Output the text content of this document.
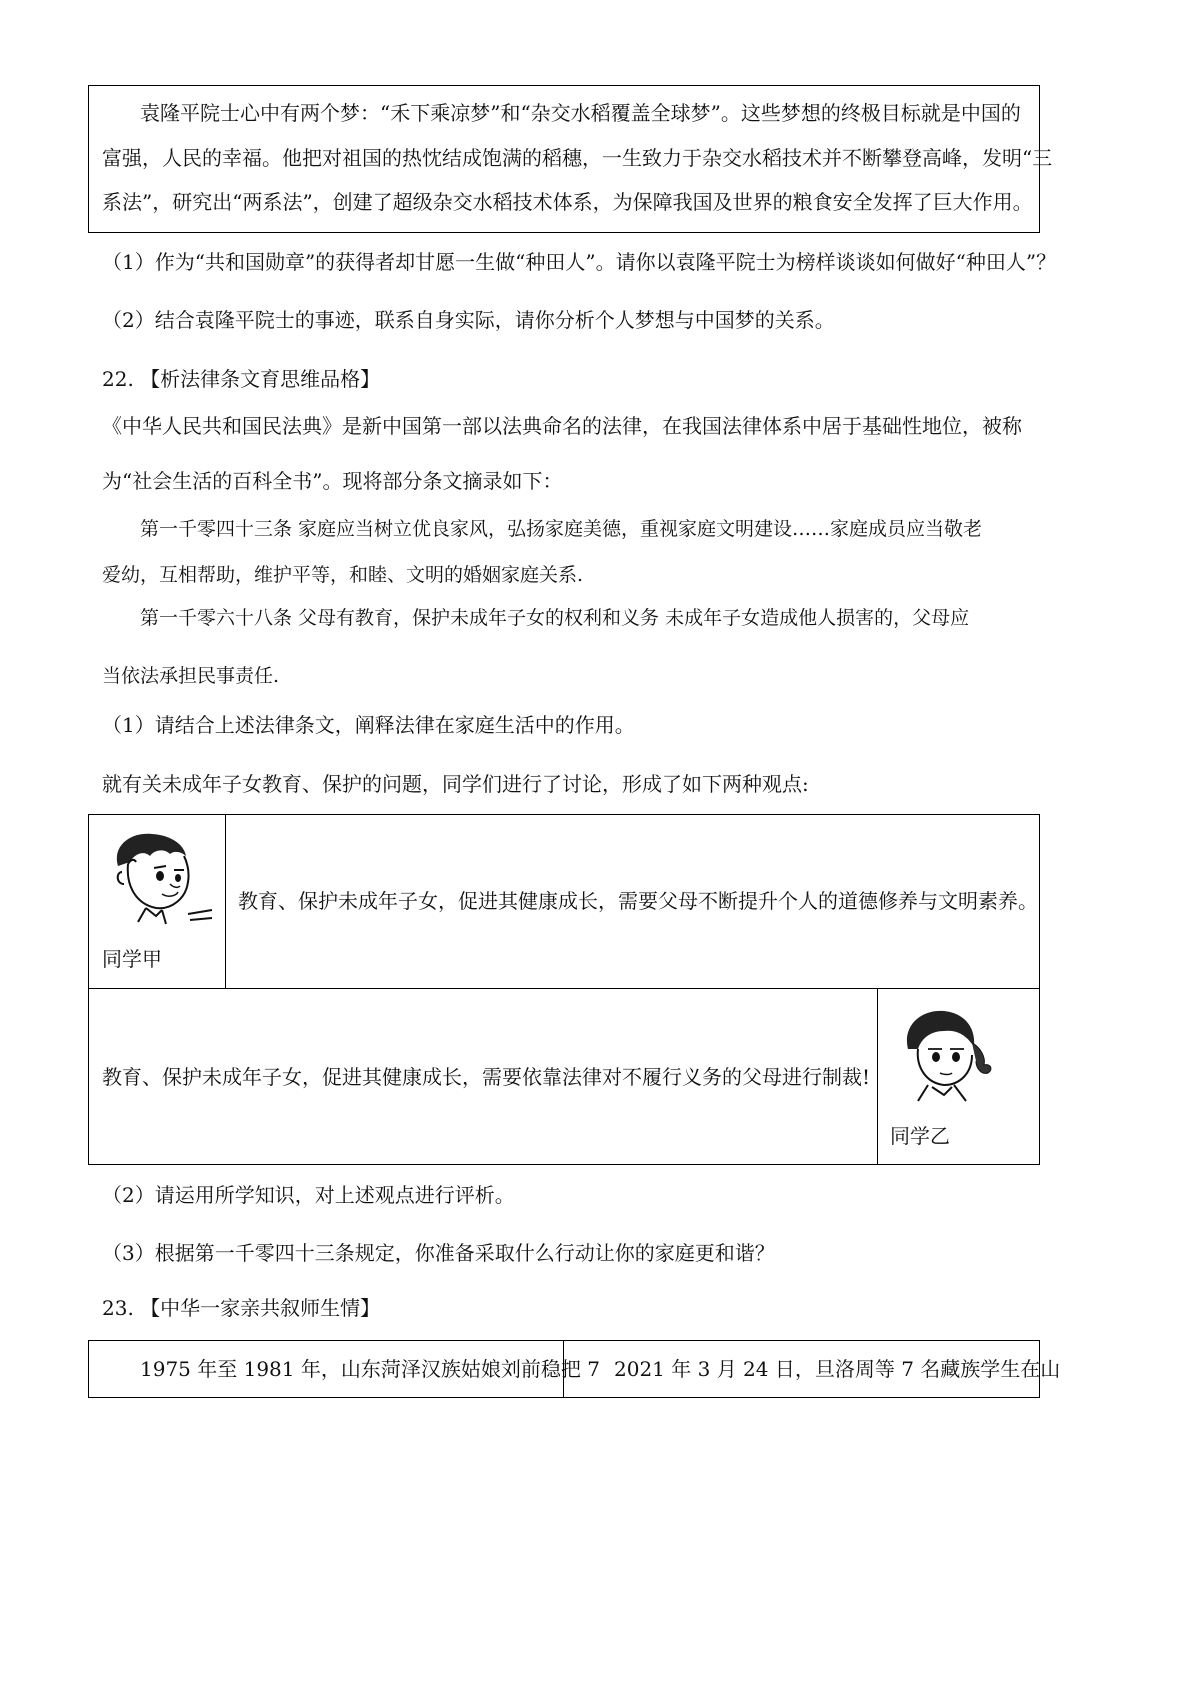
袁隆平院士心中有两个梦：“禾下乘凉梦”和“杂交水稻覆盖全球梦”。这些梦想的终极目标就是中国的
富强，人民的幸福。他把对祖国的热忱结成饱满的稻穗，一生致力于杂交水稻技术并不断攀登高峰，发明“三
系法”，研究出“两系法”，创建了超级杂交水稻技术体系，为保障我国及世界的粮食安全发挥了巨大作用。
（1）作为“共和国勋章”的获得者却甘愿一生做“种田人”。请你以袁隆平院士为榜样谈谈如何做好“种田人”？
（2）结合袁隆平院士的事迹，联系自身实际，请你分析个人梦想与中国梦的关系。
22. 【析法律条文育思维品格】
《中华人民共和国民法典》是新中国第一部以法典命名的法律，在我国法律体系中居于基础性地位，被称
为“社会生活的百科全书”。现将部分条文摘录如下：
第一千零四十三条 家庭应当树立优良家风，弘扬家庭美德，重视家庭文明建设……家庭成员应当敬老
爱幼，互相帮助，维护平等，和睦、文明的婚姻家庭关系.
第一千零六十八条 父母有教育，保护未成年子女的权利和义务 未成年子女造成他人损害的，父母应
当依法承担民事责任.
（1）请结合上述法律条文，阐释法律在家庭生活中的作用。
就有关未成年子女教育、保护的问题，同学们进行了讨论，形成了如下两种观点:
同学甲
教育、保护未成年子女，促进其健康成长，需要父母不断提升个人的道德修养与文明素养。
同学乙
教育、保护未成年子女，促进其健康成长，需要依靠法律对不履行义务的父母进行制裁!
（2）请运用所学知识，对上述观点进行评析。
（3）根据第一千零四十三条规定，你准备采取什么行动让你的家庭更和谐？
23. 【中华一家亲共叙师生情】
1975 年至 1981 年，山东菏泽汉族姑娘刘前稳把 7 2021 年 3 月 24 日，旦洛周等 7 名藏族学生在山
